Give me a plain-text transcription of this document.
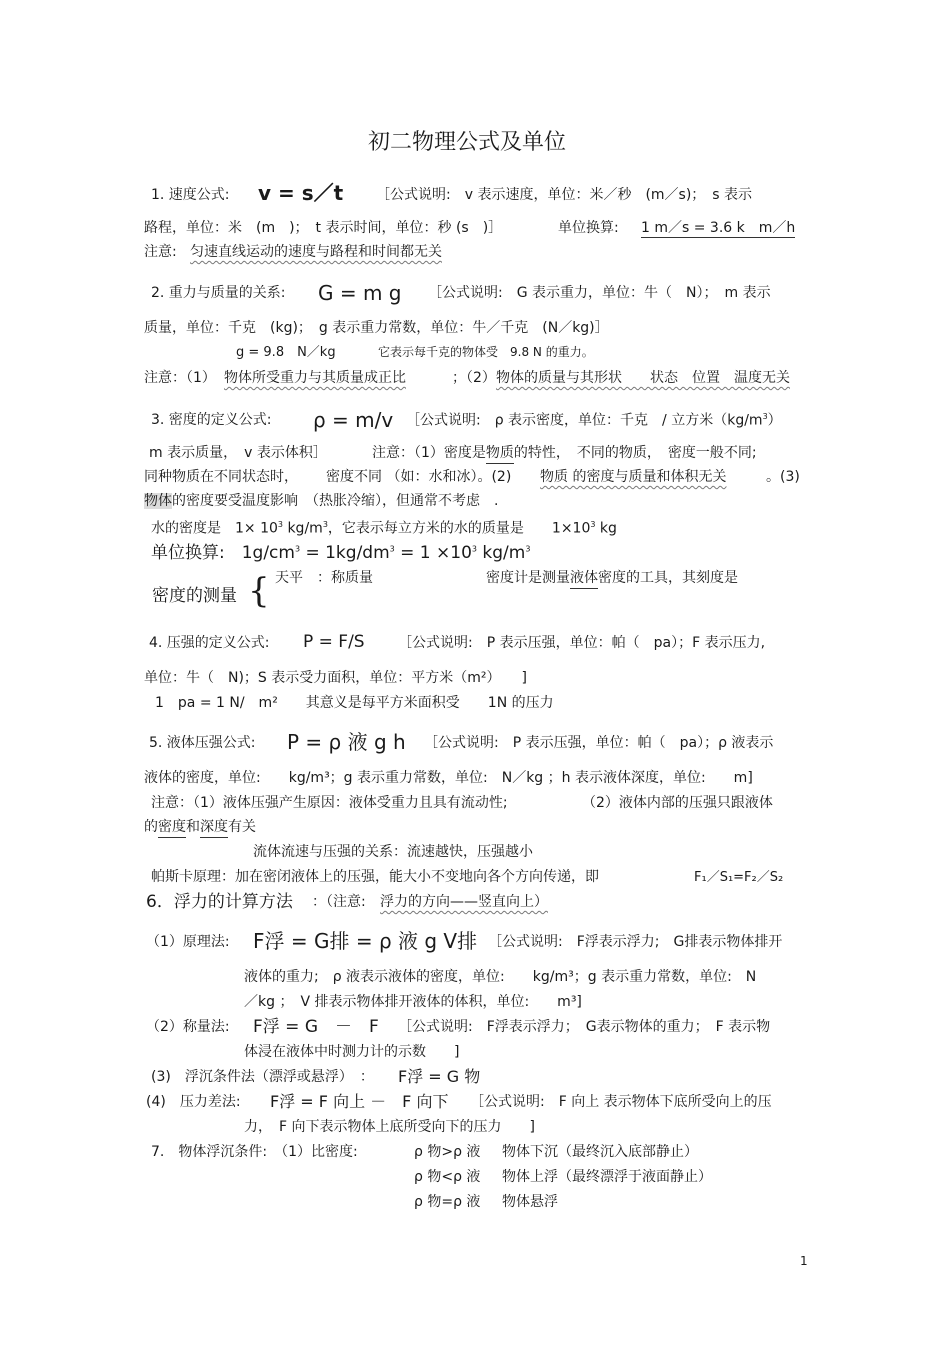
初二物理公式及单位
1. 速度公式: v = s／t ［公式说明:　v 表示速度，单位：米／秒　(m／s)；　s 表示
路程，单位：米　(m　)；　t 表示时间，单位：秒 (s　)］	单位换算: 1 m／s = 3.6 k　m／h
注意: 匀速直线运动的速度与路程和时间都无关
2. 重力与质量的关系: G = m g ［公式说明:　G 表示重力，单位：牛（　N）；　m 表示
质量，单位：千克　(kg)；　g 表示重力常数，单位：牛／千克　(N／kg)］
g = 9.8　N／kg	它表示每千克的物体受　9.8 N 的重力。
注意：（1） 物体所受重力与其质量成正比	；（2） 物体的质量与其形状　　状态　位置　温度无关
3. 密度的定义公式: ρ = m/v ［公式说明:　ρ 表示密度，单位：千克　/ 立方米$(kg/m^3)$
m 表示质量，　v 表示体积］	注意：（1）密度是物质的特性，　不同的物质，　密度一般不同;
同种物质在不同状态时， 密度不同 （如：水和冰）。(2) 物质 的密度与质量和体积无关	。(3)
物体的密度要受温度影响　（热胀冷缩），但通常不考虑　.
水的密度是　$1\times 10^3$ $kg/m^3$，它表示每立方米的水的质量是　　$1\times 10^3$ kg
单位换算:　$1g/cm^3 = 1kg/dm^3 = 1 \times 10^3$ $kg/m^3$
密度的测量 { 天平　：称质量	密度计是测量液体密度的工具，其刻度是
4. 压强的定义公式: P = F/S ［公式说明:　P 表示压强，单位：帕（　pa）；F 表示压力,
单位：牛（　N)；S 表示受力面积，单位：平方米（m²）　　]
1　pa = 1 N/　m²　　其意义是每平方米面积受　　1N 的压力
5. 液体压强公式: P = ρ 液 g h ［公式说明:　P 表示压强，单位：帕（　pa）；ρ 液表示
液体的密度，单位:　　kg/m³；g 表示重力常数，单位:　N／kg ；h 表示液体深度，单位:　　m]
注意：（1）液体压强产生原因：液体受重力且具有流动性;	（2）液体内部的压强只跟液体
的密度和深度有关
流体流速与压强的关系：流速越快，压强越小
帕斯卡原理：加在密闭液体上的压强，能大小不变地向各个方向传递，即	F₁／S₁=F₂／S₂
6．浮力的计算方法 ：（注意: 浮力的方向——竖直向上）
（1）原理法: F浮 = G排 = ρ 液 g V排 ［公式说明:　F浮表示浮力;　G排表示物体排开
液体的重力;　ρ 液表示液体的密度，单位:　　kg/m³；g 表示重力常数，单位:　N
／kg ；　V 排表示物体排开液体的体积，单位:　　m³]
（2）称量法: F浮 = G　－　F ［公式说明:　F浮表示浮力；　G表示物体的重力；　F 表示物
体浸在液体中时测力计的示数　　]
(3)　浮沉条件法（漂浮或悬浮）　： F浮 = G 物
(4)　压力差法: F浮 = F 向上 －　F 向下 ［公式说明:　F 向上 表示物体下底所受向上的压
力，　F 向下表示物体上底所受向下的压力　　]
7.　物体浮沉条件:　（1）比密度:	ρ 物>ρ 液 物体下沉（最终沉入底部静止）
ρ 物<ρ 液 物体上浮（最终漂浮于液面静止）
ρ 物=ρ 液 物体悬浮
1
